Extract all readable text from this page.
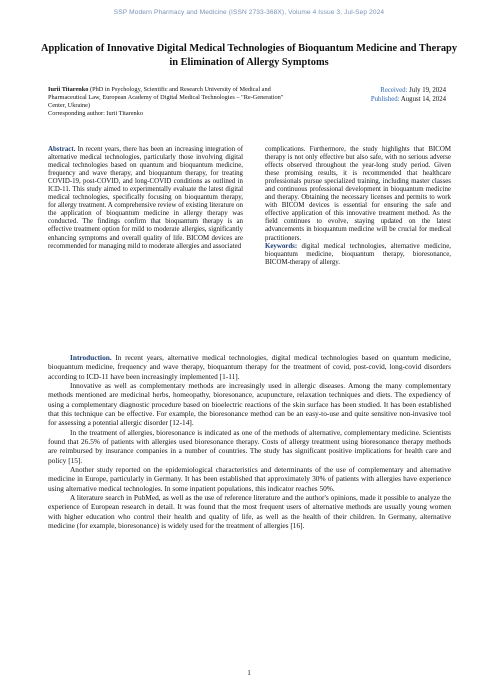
SSP Modern Pharmacy and Medicine (ISSN 2733-368X), Volume 4 Issue 3, Jul-Sep 2024
Application of Innovative Digital Medical Technologies of Bioquantum Medicine and Therapy in Elimination of Allergy Symptoms
Iurii Titarenko (PhD in Psychology, Scientific and Research University of Medical and Pharmaceutical Law, European Academy of Digital Medical Technologies – "Re-Generation" Center, Ukraine)
Corresponding author: Iurii Titarenko
Received: July 19, 2024
Published: August 14, 2024
Abstract. In recent years, there has been an increasing integration of alternative medical technologies, particularly those involving digital medical technologies based on quantum and bioquantum medicine, frequency and wave therapy, and bioquantum therapy, for treating COVID-19, post-COVID, and long-COVID conditions as outlined in ICD-11. This study aimed to experimentally evaluate the latest digital medical technologies, specifically focusing on bioquantum therapy, for allergy treatment. A comprehensive review of existing literature on the application of bioquantum medicine in allergy therapy was conducted. The findings confirm that bioquantum therapy is an effective treatment option for mild to moderate allergies, significantly enhancing symptoms and overall quality of life. BICOM devices are recommended for managing mild to moderate allergies and associated
complications. Furthermore, the study highlights that BICOM therapy is not only effective but also safe, with no serious adverse effects observed throughout the year-long study period. Given these promising results, it is recommended that healthcare professionals pursue specialized training, including master classes and continuous professional development in bioquantum medicine and therapy. Obtaining the necessary licenses and permits to work with BICOM devices is essential for ensuring the safe and effective application of this innovative treatment method. As the field continues to evolve, staying updated on the latest advancements in bioquantum medicine will be crucial for medical practitioners.
Keywords: digital medical technologies, alternative medicine, bioquantum medicine, bioquantum therapy, bioresonance, BICOM-therapy of allergy.

Introduction. In recent years, alternative medical technologies, digital medical technologies based on quantum medicine, bioquantum medicine, frequency and wave therapy, bioquantum therapy for the treatment of covid, post-covid, long-covid disorders according to ICD-11 have been increasingly implemented [1-11].

Innovative as well as complementary methods are increasingly used in allergic diseases. Among the many complementary methods mentioned are medicinal herbs, homeopathy, bioresonance, acupuncture, relaxation techniques and diets. The expediency of using a complementary diagnostic procedure based on bioelectric reactions of the skin surface has been studied. It has been established that this technique can be effective. For example, the bioresonance method can be an easy-to-use and quite sensitive non-invasive tool for assessing a potential allergic disorder [12-14].

In the treatment of allergies, bioresonance is indicated as one of the methods of alternative, complementary medicine. Scientists found that 26.5% of patients with allergies used bioresonance therapy. Costs of allergy treatment using bioresonance therapy methods are reimbursed by insurance companies in a number of countries. The study has significant positive implications for health care and policy [15].

Another study reported on the epidemiological characteristics and determinants of the use of complementary and alternative medicine in Europe, particularly in Germany. It has been established that approximately 30% of patients with allergies have experience using alternative medical technologies. In some inpatient populations, this indicator reaches 50%.

A literature search in PubMed, as well as the use of reference literature and the author's opinions, made it possible to analyze the experience of European research in detail. It was found that the most frequent users of alternative methods are usually young women with higher education who control their health and quality of life, as well as the health of their children. In Germany, alternative medicine (for example, bioresonance) is widely used for the treatment of allergies [16].

1
